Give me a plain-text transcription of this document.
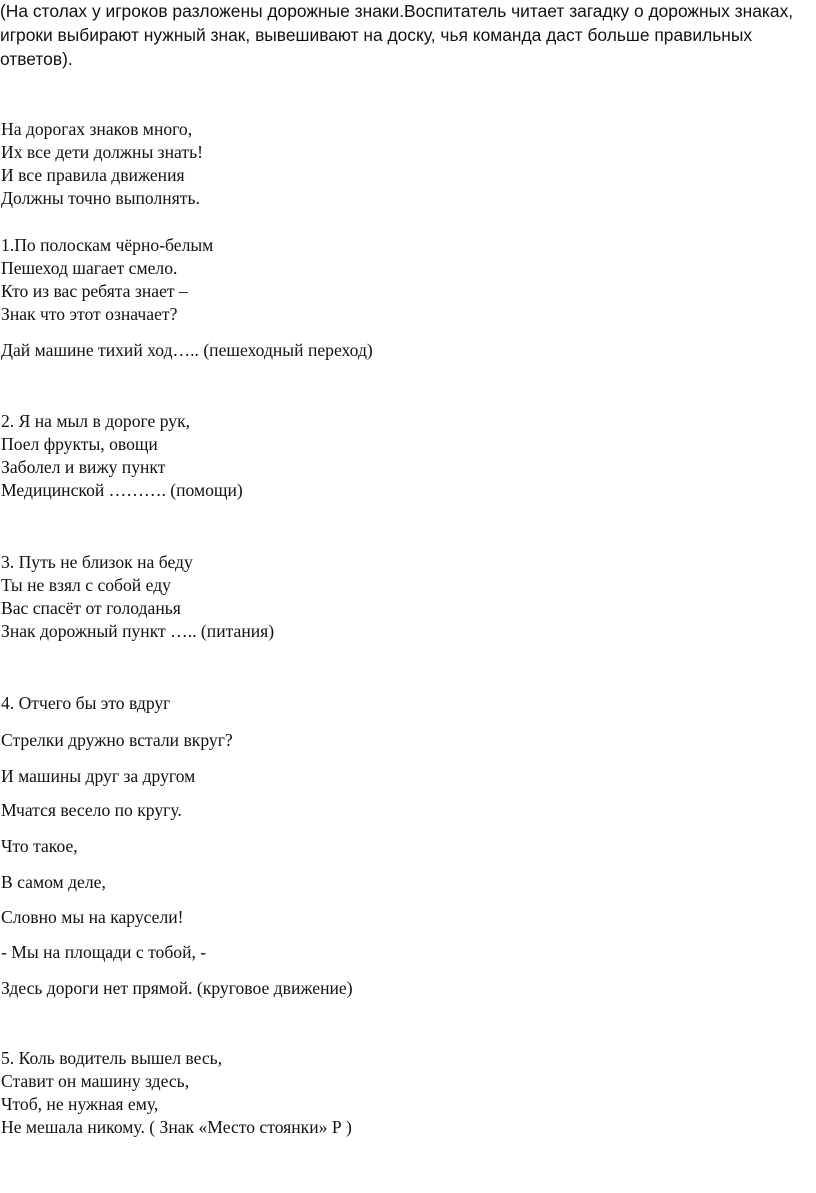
(На столах у игроков разложены дорожные знаки.Воспитатель читает загадку о дорожных знаках,
игроки выбирают нужный знак, вывешивают на доску, чья команда даст больше правильных
ответов).
На дорогах знаков много,
Их все дети должны знать!
И все правила движения
Должны точно выполнять.
1.По полоскам чёрно-белым
Пешеход шагает смело.
Кто из вас ребята знает –
Знак что этот означает?
Дай машине тихий ход….. (пешеходный переход)
2. Я на мыл в дороге рук,
Поел фрукты, овощи
Заболел и вижу пункт
Медицинской ………. (помощи)
3. Путь не близок на беду
Ты не взял с собой еду
Вас спасёт от голоданья
Знак дорожный пункт ….. (питания)
4. Отчего бы это вдруг
Стрелки дружно встали вкруг?
И машины друг за другом
Мчатся весело по кругу.
Что такое,
В самом деле,
Словно мы на карусели!
- Мы на площади с тобой, -
Здесь дороги нет прямой. (круговое движение)
5. Коль водитель вышел весь,
Ставит он машину здесь,
Чтоб, не нужная ему,
Не мешала никому. ( Знак «Место стоянки» Р )
